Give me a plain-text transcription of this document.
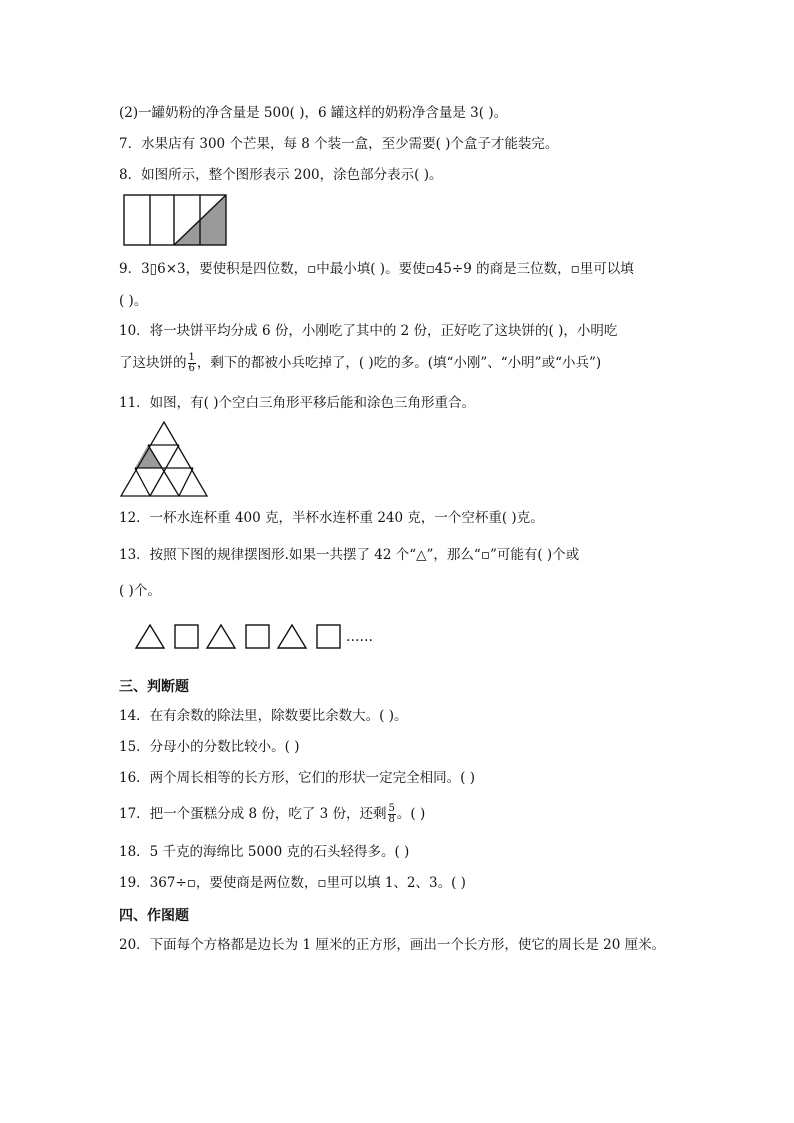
(2)一罐奶粉的净含量是 500( )，6 罐这样的奶粉净含量是 3( )。
7．水果店有 300 个芒果，每 8 个装一盒，至少需要( )个盒子才能装完。
8．如图所示，整个图形表示 200，涂色部分表示( )。
9．3▯6×3，要使积是四位数，▫中最小填( )。要使▫45÷9 的商是三位数，▫里可以填
( )。
10．将一块饼平均分成 6 份，小刚吃了其中的 2 份，正好吃了这块饼的( )，小明吃
了这块饼的 $\frac{1}{6}$ ，剩下的都被小兵吃掉了，( )吃的多。(填“小刚”、“小明”或“小兵”)
11．如图，有( )个空白三角形平移后能和涂色三角形重合。
12．一杯水连杯重 400 克，半杯水连杯重 240 克，一个空杯重( )克。
13．按照下图的规律摆图形.如果一共摆了 42 个“△”，那么“▫”可能有( )个或
( )个。
……
三、判断题
14．在有余数的除法里，除数要比余数大。( )。
15．分母小的分数比较小。( )
16．两个周长相等的长方形，它们的形状一定完全相同。( )
17．把一个蛋糕分成 8 份，吃了 3 份，还剩 $\frac{5}{8}$ 。( )
18．5 千克的海绵比 5000 克的石头轻得多。( )
19．367÷▫，要使商是两位数，▫里可以填 1、2、3。( )
四、作图题
20．下面每个方格都是边长为 1 厘米的正方形，画出一个长方形，使它的周长是 20 厘米。
